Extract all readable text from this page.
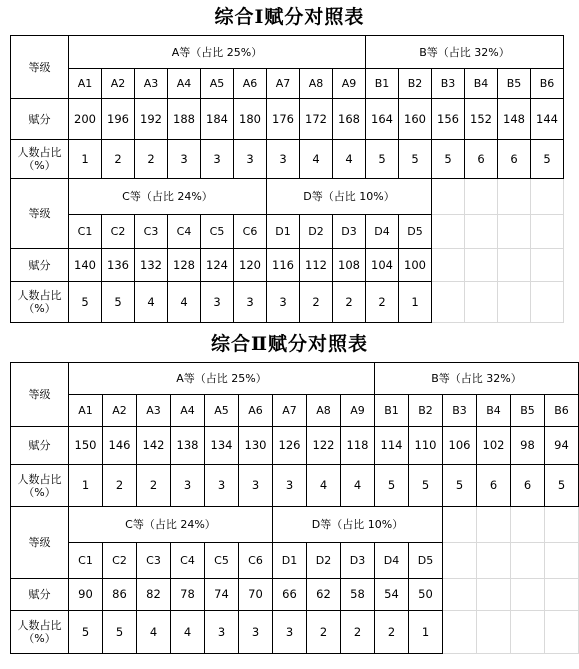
综合Ⅰ赋分对照表
等级	A等（占比 25%）									B等（占比 32%）					
	A1	A2	A3	A4	A5	A6	A7	A8	A9	B1	B2	B3	B4	B5	B6
赋分	200	196	192	188	184	180	176	172	168	164	160	156	152	148	144
人数占比（%）	1	2	2	3	3	3	3	4	4	5	5	5	6	6	5
等级	C等（占比 24%）						D等（占比 10%）								
	C1	C2	C3	C4	C5	C6	D1	D2	D3	D4	D5				
赋分	140	136	132	128	124	120	116	112	108	104	100				
人数占比（%）	5	5	4	4	3	3	3	2	2	2	1				
综合Ⅱ赋分对照表
等级	A等（占比 25%）									B等（占比 32%）					
	A1	A2	A3	A4	A5	A6	A7	A8	A9	B1	B2	B3	B4	B5	B6
赋分	150	146	142	138	134	130	126	122	118	114	110	106	102	98	94
人数占比（%）	1	2	2	3	3	3	3	4	4	5	5	5	6	6	5
等级	C等（占比 24%）						D等（占比 10%）								
	C1	C2	C3	C4	C5	C6	D1	D2	D3	D4	D5				
赋分	90	86	82	78	74	70	66	62	58	54	50				
人数占比（%）	5	5	4	4	3	3	3	2	2	2	1				
